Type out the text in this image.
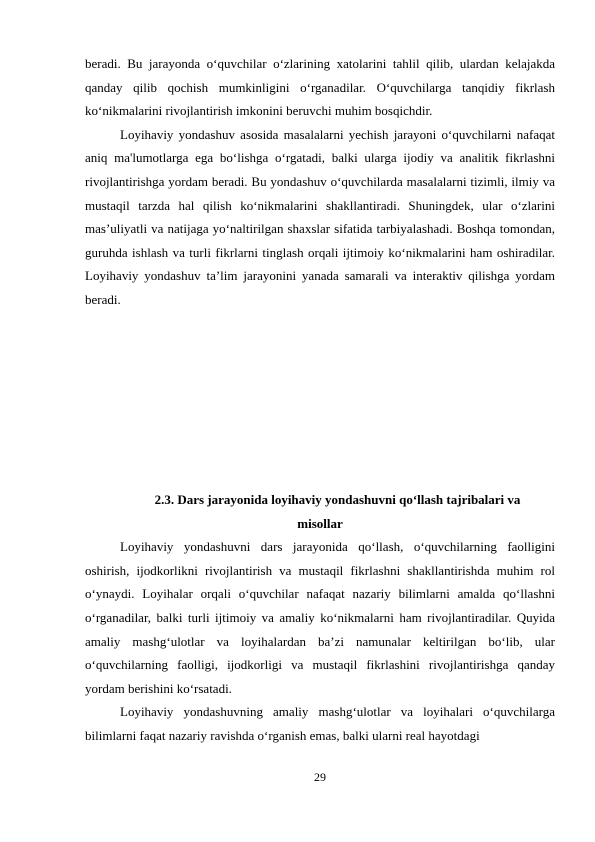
beradi. Bu jarayonda o‘quvchilar o‘zlarining xatolarini tahlil qilib, ulardan kelajakda qanday qilib qochish mumkinligini o‘rganadilar. O‘quvchilarga tanqidiy fikrlash ko‘nikmalarini rivojlantirish imkonini beruvchi muhim bosqichdir.

Loyihaviy yondashuv asosida masalalarni yechish jarayoni o‘quvchilarni nafaqat aniq ma'lumotlarga ega bo‘lishga o‘rgatadi, balki ularga ijodiy va analitik fikrlashni rivojlantirishga yordam beradi. Bu yondashuv o‘quvchilarda masalalarni tizimli, ilmiy va mustaqil tarzda hal qilish ko‘nikmalarini shakllantiradi. Shuningdek, ular o‘zlarini mas’uliyatli va natijaga yo‘naltirilgan shaxslar sifatida tarbiyalashadi. Boshqa tomondan, guruhda ishlash va turli fikrlarni tinglash orqali ijtimoiy ko‘nikmalarini ham oshiradilar. Loyihaviy yondashuv ta’lim jarayonini yanada samarali va interaktiv qilishga yordam beradi.

2.3. Dars jarayonida loyihaviy yondashuvni qo‘llash tajribalari va
misollar

Loyihaviy yondashuvni dars jarayonida qo‘llash, o‘quvchilarning faolligini oshirish, ijodkorlikni rivojlantirish va mustaqil fikrlashni shakllantirishda muhim rol o‘ynaydi. Loyihalar orqali o‘quvchilar nafaqat nazariy bilimlarni amalda qo‘llashni o‘rganadilar, balki turli ijtimoiy va amaliy ko‘nikmalarni ham rivojlantiradilar. Quyida amaliy mashg‘ulotlar va loyihalardan ba’zi namunalar keltirilgan bo‘lib, ular o‘quvchilarning faolligi, ijodkorligi va mustaqil fikrlashini rivojlantirishga qanday yordam berishini ko‘rsatadi.

Loyihaviy yondashuvning amaliy mashg‘ulotlar va loyihalari o‘quvchilarga bilimlarni faqat nazariy ravishda o‘rganish emas, balki ularni real hayotdagi

29
